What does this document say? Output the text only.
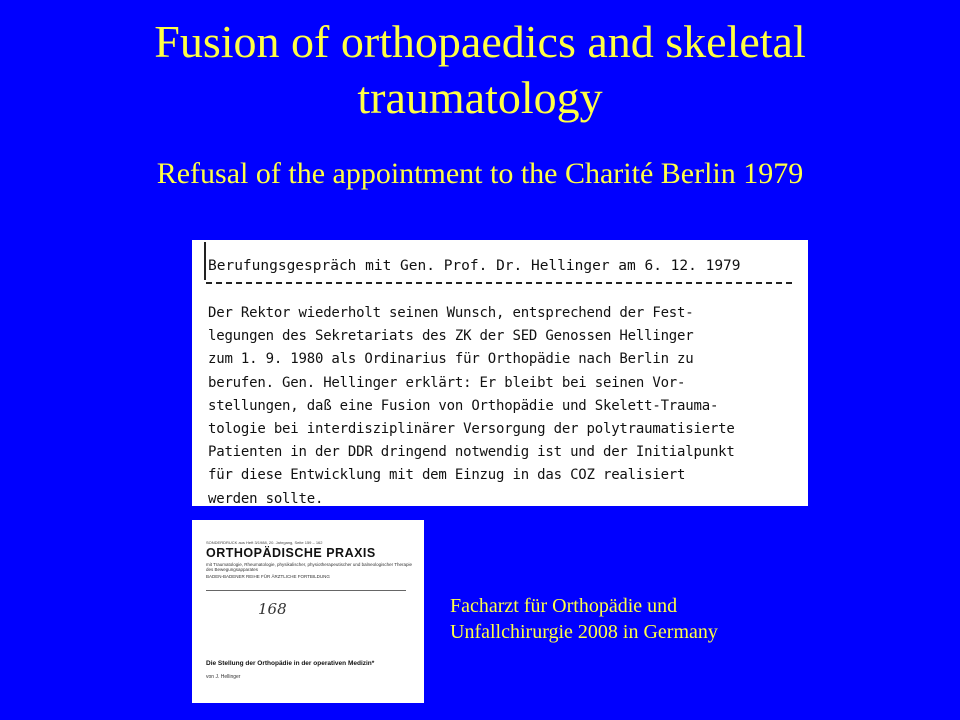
Fusion of orthopaedics and skeletal traumatology
Refusal of the appointment to the Charité Berlin 1979
Berufungsgespräch mit Gen. Prof. Dr. Hellinger am 6. 12. 1979
Der Rektor wiederholt seinen Wunsch, entsprechend der Fest-
legungen des Sekretariats des ZK der SED Genossen Hellinger
zum 1. 9. 1980 als Ordinarius für Orthopädie nach Berlin zu
berufen. Gen. Hellinger erklärt: Er bleibt bei seinen Vor-
stellungen, daß eine Fusion von Orthopädie und Skelett-Trauma-
tologie bei interdisziplinärer Versorgung der polytraumatisierte
Patienten in der DDR dringend notwendig ist und der Initialpunkt
für diese Entwicklung mit dem Einzug in das COZ realisiert
werden sollte.
SONDERDRUCK aus Heft 3/1988, 20. Jahrgang, Seite 159 – 162
ORTHOPÄDISCHE PRAXIS
mit Traumatologie, Rheumatologie, physikalischer, physiotherapeutischer und balneologischer Therapie des Bewegungsapparates
BADEN-BADENER REIHE FÜR ÄRZTLICHE FORTBILDUNG
168
Die Stellung der Orthopädie in der operativen Medizin*
von J. Hellinger
Facharzt für Orthopädie und
Unfallchirurgie 2008 in Germany
